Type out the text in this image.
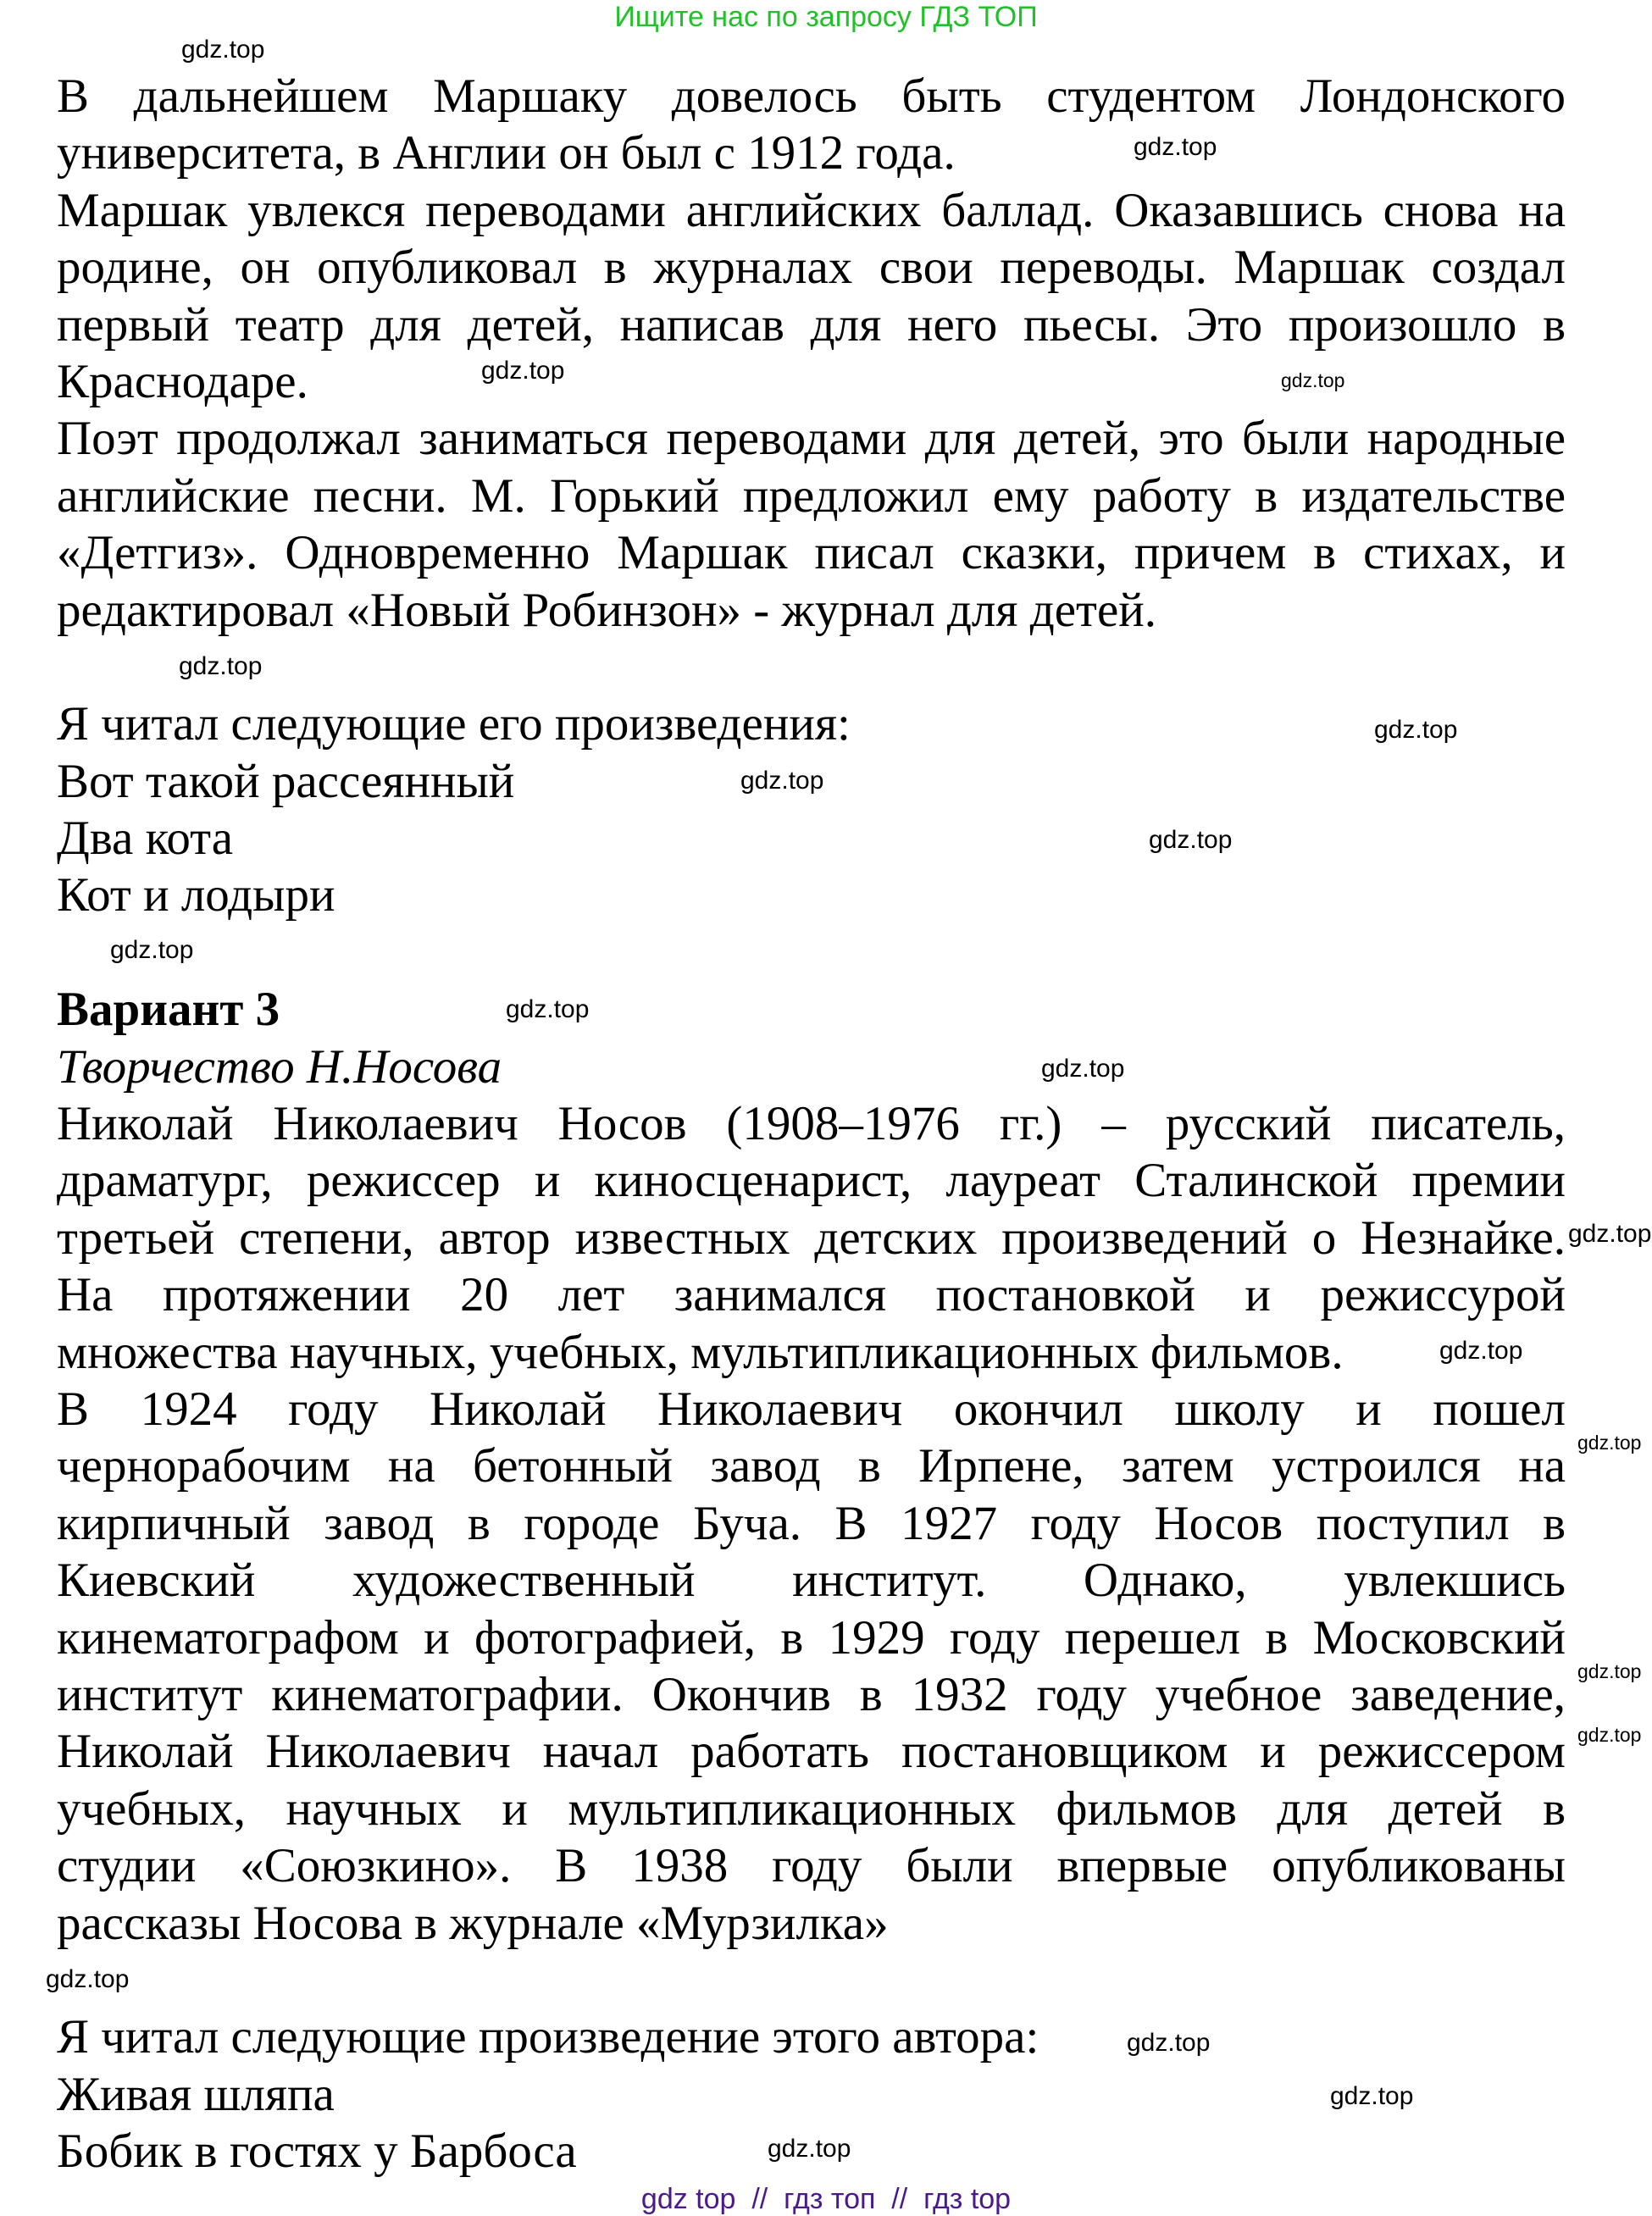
Ищите нас по запросу ГДЗ ТОП
В дальнейшем Маршаку довелось быть студентом Лондонского
университета, в Англии он был с 1912 года.
Маршак увлекся переводами английских баллад. Оказавшись снова на
родине, он опубликовал в журналах свои переводы. Маршак создал
первый театр для детей, написав для него пьесы. Это произошло в
Краснодаре.
Поэт продолжал заниматься переводами для детей, это были народные
английские песни. М. Горький предложил ему работу в издательстве
«Детгиз». Одновременно Маршак писал сказки, причем в стихах, и
редактировал «Новый Робинзон» - журнал для детей.
Я читал следующие его произведения:
Вот такой рассеянный
Два кота
Кот и лодыри
Вариант 3
Творчество Н.Носова
Николай Николаевич Носов (1908–1976 гг.) – русский писатель,
драматург, режиссер и киносценарист, лауреат Сталинской премии
третьей степени, автор известных детских произведений о Незнайке.
На протяжении 20 лет занимался постановкой и режиссурой
множества научных, учебных, мультипликационных фильмов.
В 1924 году Николай Николаевич окончил школу и пошел
чернорабочим на бетонный завод в Ирпене, затем устроился на
кирпичный завод в городе Буча. В 1927 году Носов поступил в
Киевский художественный институт. Однако, увлекшись
кинематографом и фотографией, в 1929 году перешел в Московский
институт кинематографии. Окончив в 1932 году учебное заведение,
Николай Николаевич начал работать постановщиком и режиссером
учебных, научных и мультипликационных фильмов для детей в
студии «Союзкино». В 1938 году были впервые опубликованы
рассказы Носова в журнале «Мурзилка»
Я читал следующие произведение этого автора:
Живая шляпа
Бобик в гостях у Барбоса
gdz.top
gdz.top
gdz.top	gdz.top
gdz.top
gdz.top
gdz.top
gdz.top
gdz.top
gdz.top
gdz.top
gdz.top
gdz.top
gdz.top
gdz.top
gdz.top
gdz.top
gdz.top
gdz.top
gdz.top
gdz top  //  гдз топ  //  гдз top
